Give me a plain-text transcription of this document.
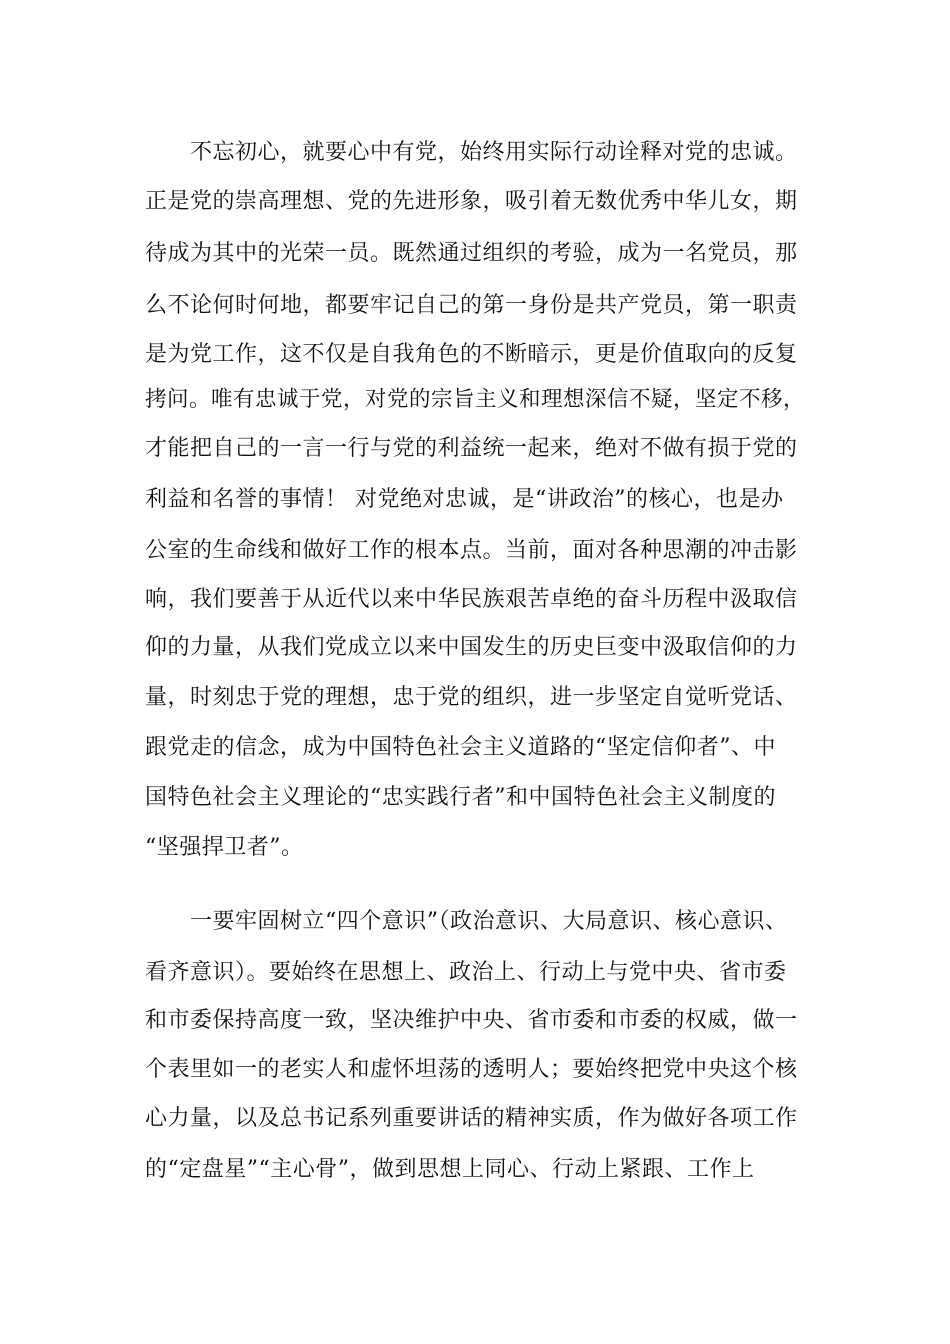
不忘初心，就要心中有党，始终用实际行动诠释对党的忠诚。
正是党的崇高理想、党的先进形象，吸引着无数优秀中华儿女，期
待成为其中的光荣一员。既然通过组织的考验，成为一名党员，那
么不论何时何地，都要牢记自己的第一身份是共产党员，第一职责
是为党工作，这不仅是自我角色的不断暗示，更是价值取向的反复
拷问。唯有忠诚于党，对党的宗旨主义和理想深信不疑，坚定不移，
才能把自己的一言一行与党的利益统一起来，绝对不做有损于党的
利益和名誉的事情！ 对党绝对忠诚，是“讲政治”的核心，也是办
公室的生命线和做好工作的根本点。当前，面对各种思潮的冲击影
响，我们要善于从近代以来中华民族艰苦卓绝的奋斗历程中汲取信
仰的力量，从我们党成立以来中国发生的历史巨变中汲取信仰的力
量，时刻忠于党的理想，忠于党的组织，进一步坚定自觉听党话、
跟党走的信念，成为中国特色社会主义道路的“坚定信仰者”、中
国特色社会主义理论的“忠实践行者”和中国特色社会主义制度的
“坚强捍卫者”。
一要牢固树立“四个意识”（政治意识、大局意识、核心意识、
看齐意识）。要始终在思想上、政治上、行动上与党中央、省市委
和市委保持高度一致，坚决维护中央、省市委和市委的权威，做一
个表里如一的老实人和虚怀坦荡的透明人；要始终把党中央这个核
心力量，以及总书记系列重要讲话的精神实质，作为做好各项工作
的“定盘星”“主心骨”，做到思想上同心、行动上紧跟、工作上
